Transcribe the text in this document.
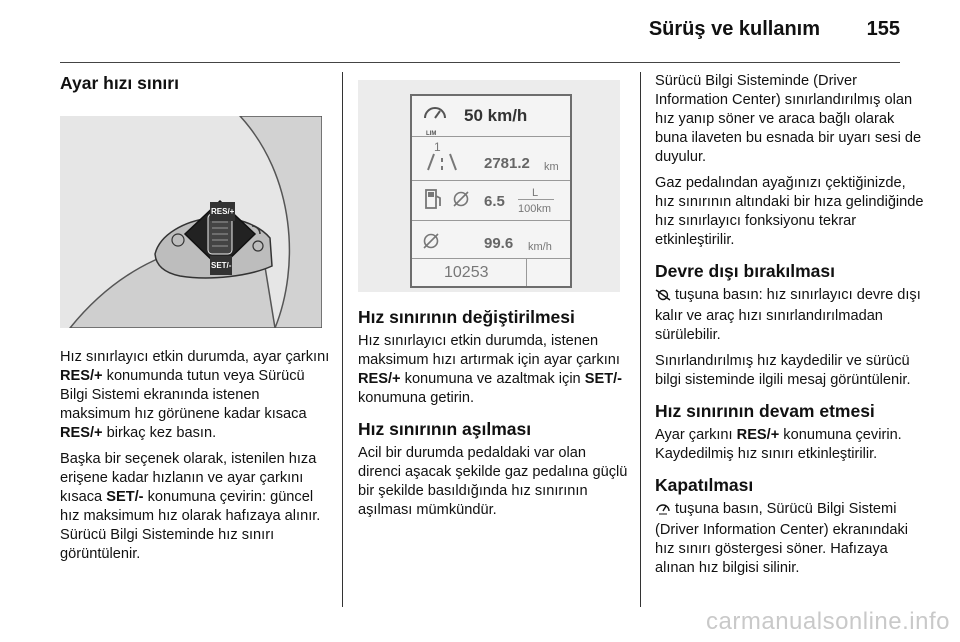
Sürüş ve kullanım 155
Ayar hızı sınırı
RES/+
SET/-

Hız sınırlayıcı etkin durumda, ayar çarkını RES/+ konumunda tutun veya Sürücü Bilgi Sistemi ekranında istenen maksimum hız görünene kadar kısaca RES/+ birkaç kez basın.

Başka bir seçenek olarak, istenilen hıza erişene kadar hızlanın ve ayar çarkını kısaca SET/- konumuna çevirin: güncel hız maksimum hız olarak hafızaya alınır. Sürücü Bilgi Sisteminde hız sınırı görüntülenir.

LIM
50 km/h
1
2781.2 km
6.5 L
100km
99.6 km/h
10253
Hız sınırının değiştirilmesi

Hız sınırlayıcı etkin durumda, istenen maksimum hızı artırmak için ayar çarkını RES/+ konumuna ve azaltmak için SET/- konumuna getirin.

Hız sınırının aşılması

Acil bir durumda pedaldaki var olan direnci aşacak şekilde gaz pedalına güçlü bir şekilde basıldığında hız sınırının aşılması mümkündür.

Sürücü Bilgi Sisteminde (Driver Information Center) sınırlandırılmış olan hız yanıp söner ve araca bağlı olarak buna ilaveten bu esnada bir uyarı sesi de duyulur.

Gaz pedalından ayağınızı çektiğinizde, hız sınırının altındaki bir hıza gelindiğinde hız sınırlayıcı fonksiyonu tekrar etkinleştirilir.

Devre dışı bırakılması

tuşuna basın: hız sınırlayıcı devre dışı kalır ve araç hızı sınırlandırılmadan sürülebilir.

Sınırlandırılmış hız kaydedilir ve sürücü bilgi sisteminde ilgili mesaj görüntülenir.

Hız sınırının devam etmesi

Ayar çarkını RES/+ konumuna çevirin. Kaydedilmiş hız sınırı etkinleştirilir.

Kapatılması

tuşuna basın, Sürücü Bilgi Sistemi (Driver Information Center) ekranındaki hız sınırı göstergesi söner. Hafızaya alınan hız bilgisi silinir.

carmanualsonline.info
